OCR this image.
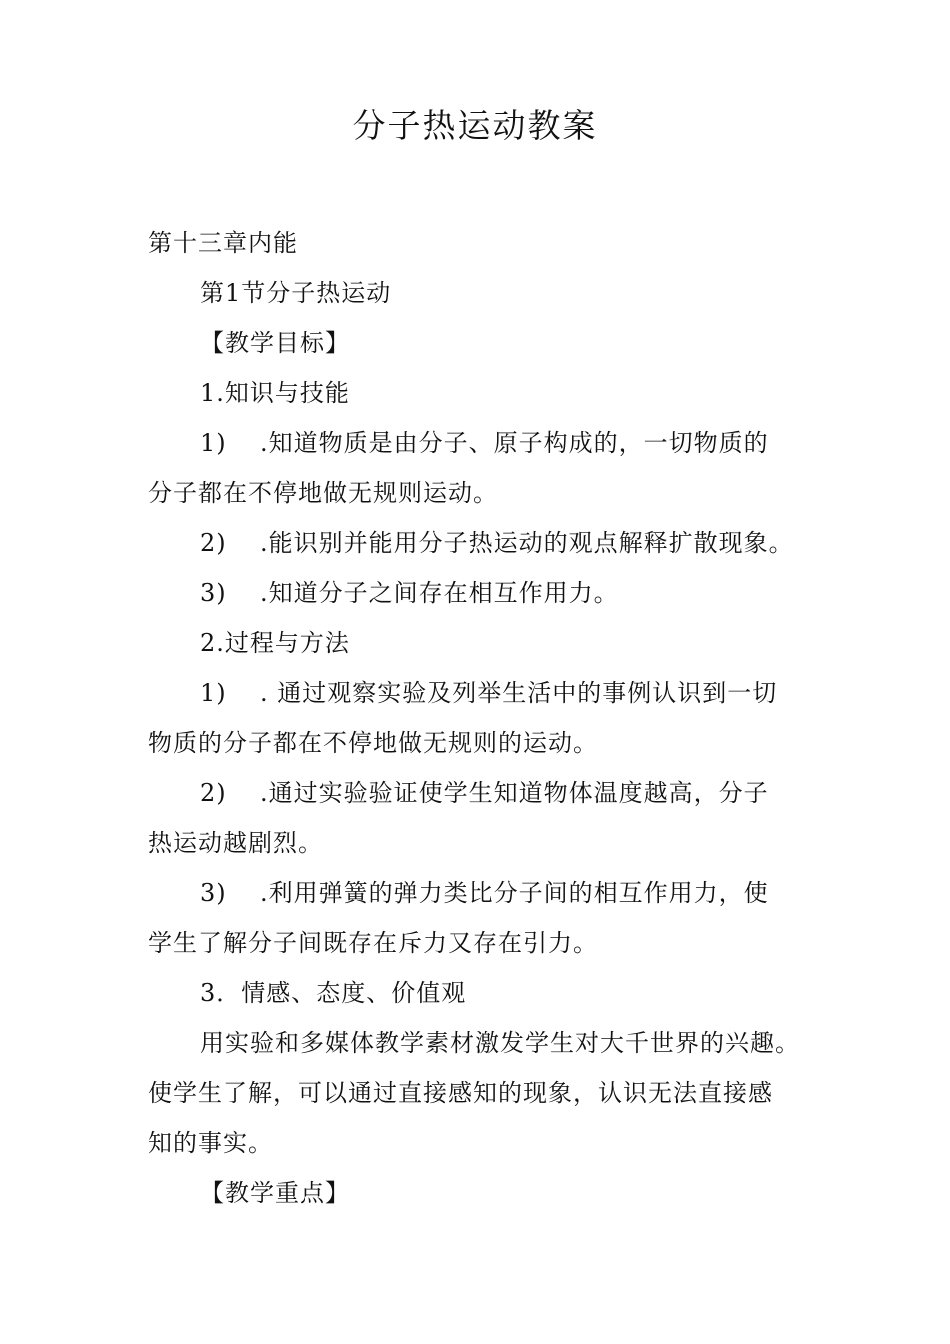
分子热运动教案
第十三章内能
第1节分子热运动
【教学目标】
1.知识与技能
1) .知道物质是由分子、原子构成的，一切物质的
分子都在不停地做无规则运动。
2) .能识别并能用分子热运动的观点解释扩散现象。
3) .知道分子之间存在相互作用力。
2.过程与方法
1) . 通过观察实验及列举生活中的事例认识到一切
物质的分子都在不停地做无规则的运动。
2) .通过实验验证使学生知道物体温度越高，分子
热运动越剧烈。
3) .利用弹簧的弹力类比分子间的相互作用力，使
学生了解分子间既存在斥力又存在引力。
3．情感、态度、价值观
用实验和多媒体教学素材激发学生对大千世界的兴趣。
使学生了解，可以通过直接感知的现象，认识无法直接感
知的事实。
【教学重点】
